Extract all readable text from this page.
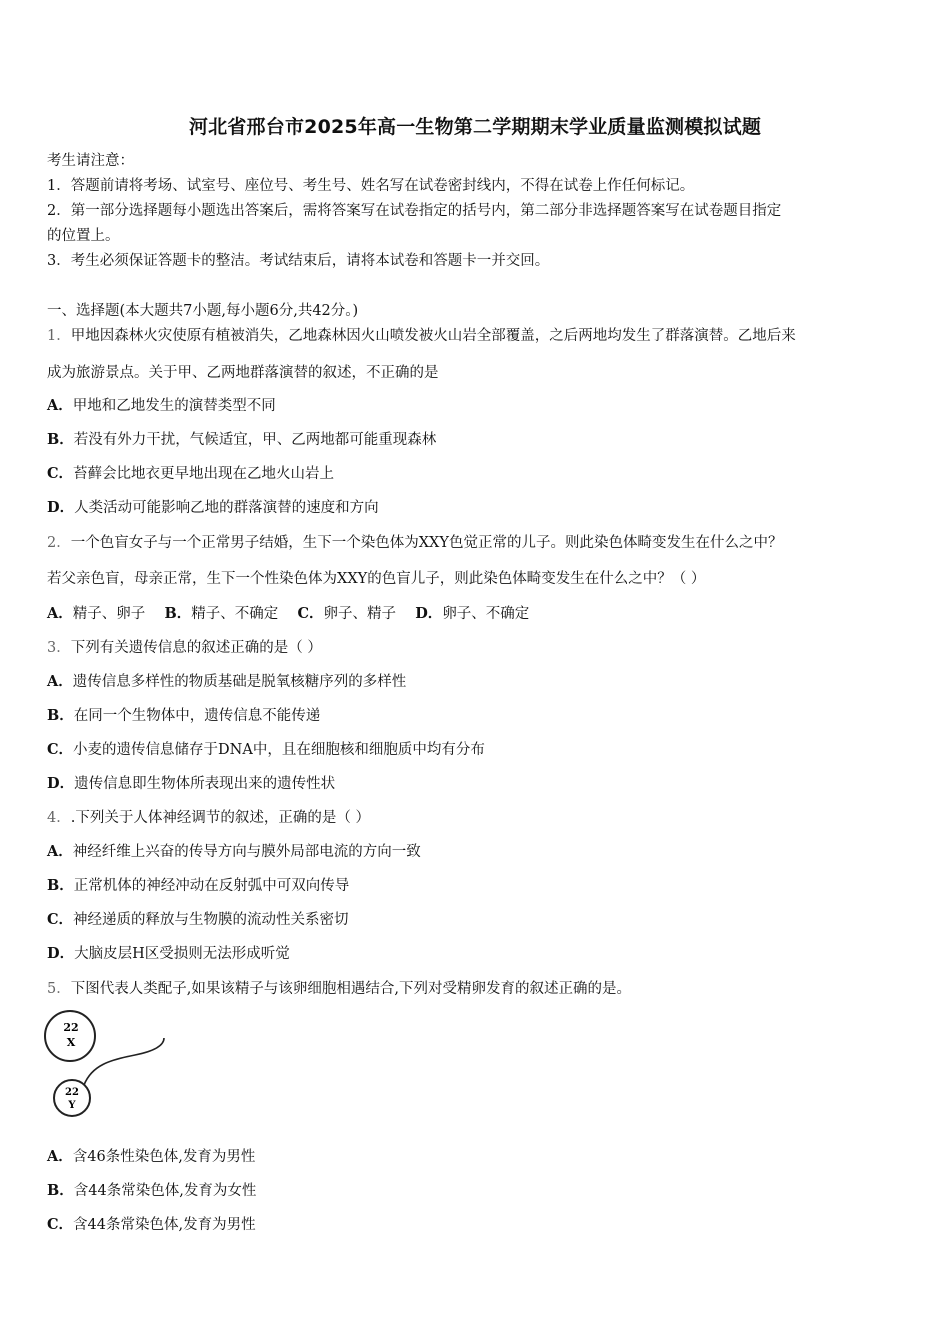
河北省邢台市2025年高一生物第二学期期末学业质量监测模拟试题
考生请注意：
1．答题前请将考场、试室号、座位号、考生号、姓名写在试卷密封线内，不得在试卷上作任何标记。
2．第一部分选择题每小题选出答案后，需将答案写在试卷指定的括号内，第二部分非选择题答案写在试卷题目指定
的位置上。
3．考生必须保证答题卡的整洁。考试结束后，请将本试卷和答题卡一并交回。
一、选择题(本大题共7小题,每小题6分,共42分。)
1．甲地因森林火灾使原有植被消失，乙地森林因火山喷发被火山岩全部覆盖，之后两地均发生了群落演替。乙地后来
成为旅游景点。关于甲、乙两地群落演替的叙述，不正确的是
A．甲地和乙地发生的演替类型不同
B．若没有外力干扰，气候适宜，甲、乙两地都可能重现森林
C．苔藓会比地衣更早地出现在乙地火山岩上
D．人类活动可能影响乙地的群落演替的速度和方向
2．一个色盲女子与一个正常男子结婚，生下一个染色体为XXY色觉正常的儿子。则此染色体畸变发生在什么之中？
若父亲色盲，母亲正常，生下一个性染色体为XXY的色盲儿子，则此染色体畸变发生在什么之中？（ ）
A．精子、卵子 B．精子、不确定 C．卵子、精子 D．卵子、不确定
3．下列有关遗传信息的叙述正确的是（ ）
A．遗传信息多样性的物质基础是脱氧核糖序列的多样性
B．在同一个生物体中，遗传信息不能传递
C．小麦的遗传信息储存于DNA中，且在细胞核和细胞质中均有分布
D．遗传信息即生物体所表现出来的遗传性状
4．.下列关于人体神经调节的叙述，正确的是（ ）
A．神经纤维上兴奋的传导方向与膜外局部电流的方向一致
B．正常机体的神经冲动在反射弧中可双向传导
C．神经递质的释放与生物膜的流动性关系密切
D．大脑皮层H区受损则无法形成听觉
5．下图代表人类配子,如果该精子与该卵细胞相遇结合,下列对受精卵发育的叙述正确的是。
22
X
22
Y
A．含46条性染色体,发育为男性
B．含44条常染色体,发育为女性
C．含44条常染色体,发育为男性
